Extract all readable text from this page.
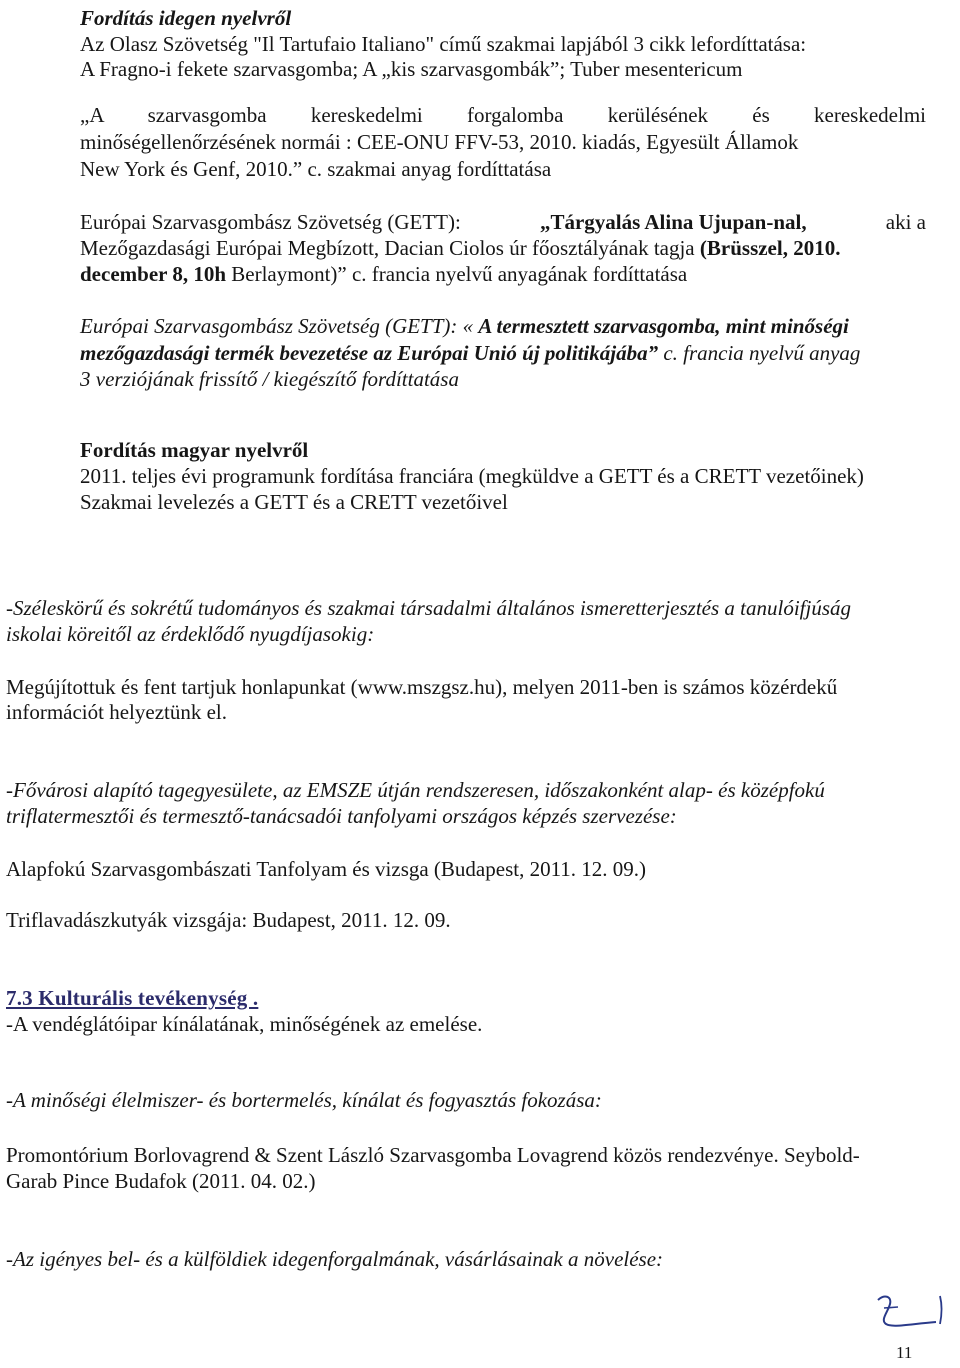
Fordítás idegen nyelvről
Az Olasz Szövetség "Il Tartufaio Italiano" című szakmai lapjából 3 cikk lefordíttatása:
A Fragno-i fekete szarvasgomba; A „kis szarvasgombák”; Tuber mesentericum
„A szarvasgomba kereskedelmi forgalomba kerülésének és kereskedelmi
minőségellenőrzésének normái : CEE-ONU FFV-53, 2010. kiadás, Egyesült Államok
New York és Genf, 2010.” c. szakmai anyag fordíttatása
Európai Szarvasgombász Szövetség (GETT):	„Tárgyalás Alina Ujupan-nal,	aki a
Mezőgazdasági Európai Megbízott, Dacian Ciolos úr főosztályának tagja (Brüsszel, 2010.
december 8, 10h Berlaymont)” c. francia nyelvű anyagának fordíttatása
Európai Szarvasgombász Szövetség (GETT): « A termesztett szarvasgomba, mint minőségi
mezőgazdasági termék bevezetése az Európai Unió új politikájába” c. francia nyelvű anyag
3 verziójának frissítő / kiegészítő fordíttatása
Fordítás magyar nyelvről
2011. teljes évi programunk fordítása franciára (megküldve a GETT és a CRETT vezetőinek)
Szakmai levelezés a GETT és a CRETT vezetőivel
-Széleskörű és sokrétű tudományos és szakmai társadalmi általános ismeretterjesztés a tanulóifjúság
iskolai köreitől az érdeklődő nyugdíjasokig:
Megújítottuk és fent tartjuk honlapunkat (www.mszgsz.hu), melyen 2011-ben is számos közérdekű
információt helyeztünk el.
-Fővárosi alapító tagegyesülete, az EMSZE útján rendszeresen, időszakonként alap- és középfokú
triflatermesztői és termesztő-tanácsadói tanfolyami országos képzés szervezése:
Alapfokú Szarvasgombászati Tanfolyam és vizsga (Budapest, 2011. 12. 09.)
Triflavadászkutyák vizsgája: Budapest, 2011. 12. 09.
7.3 Kulturális tevékenység .
-A vendéglátóipar kínálatának, minőségének az emelése.
-A minőségi élelmiszer- és bortermelés, kínálat és fogyasztás fokozása:
Promontórium Borlovagrend & Szent László Szarvasgomba Lovagrend közös rendezvénye. Seybold-
Garab Pince Budafok (2011. 04. 02.)
-Az igényes bel- és a külföldiek idegenforgalmának, vásárlásainak a növelése:
11
